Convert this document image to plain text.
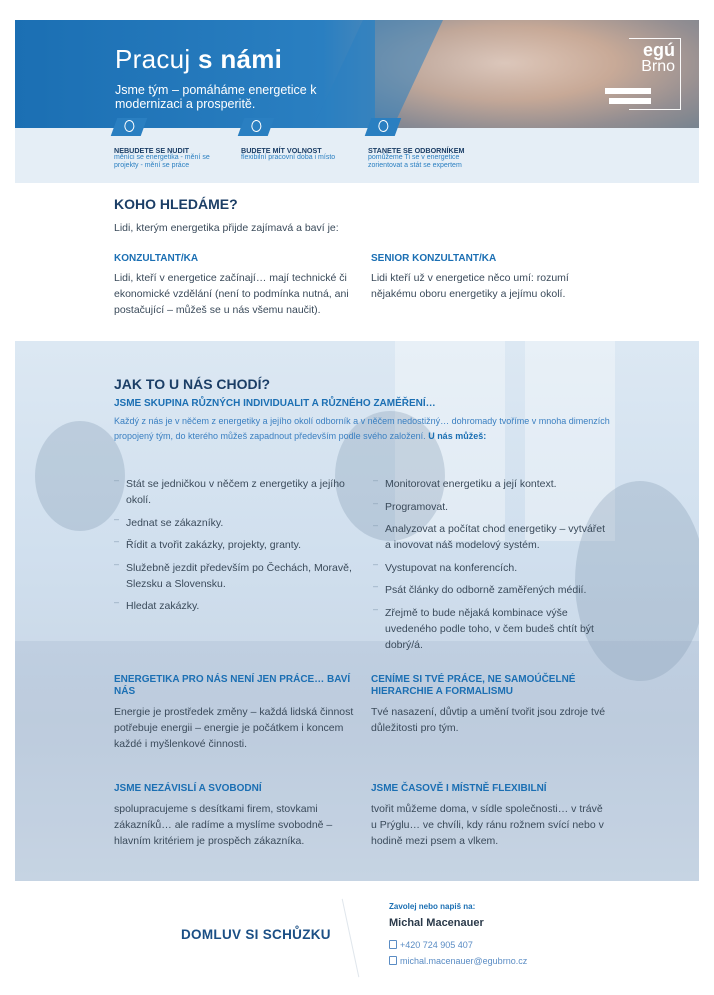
Pracuj s námi
Jsme tým – pomáháme energetice k modernizaci a prosperitě.
egú
Brno
NEBUDETE SE NUDIT
měníci se energetika - mění se projekty - mění se práce
BUDETE MÍT VOLNOST
flexibilní pracovní doba i místo
STANETE SE ODBORNÍKEM
pomůžeme Ti se v energetice zorientovat a stát se expertem
KOHO HLEDÁME?
Lidi, kterým energetika přijde zajímavá a baví je:
KONZULTANT/KA
Lidi, kteří v energetice začínají… mají technické či ekonomické vzdělání (není to podmínka nutná, ani postačující – můžeš se u nás všemu naučit).
SENIOR KONZULTANT/KA
Lidi kteří už v energetice něco umí: rozumí nějakému oboru energetiky a jejímu okolí.
JAK TO U NÁS CHODÍ?
JSME SKUPINA RŮZNÝCH INDIVIDUALIT A RŮZNÉHO ZAMĚŘENÍ…
Každý z nás je v něčem z energetiky a jejího okolí odborník a v něčem nedostižný… dohromady tvoříme v mnoha dimenzích propojený tým, do kterého můžeš zapadnout především podle svého založení. U nás můžeš:
– Stát se jedničkou v něčem z energetiky a jejího okolí.
– Jednat se zákazníky.
– Řídit a tvořit zakázky, projekty, granty.
– Služebně jezdit především po Čechách, Moravě, Slezsku a Slovensku.
– Hledat zakázky.
– Monitorovat energetiku a její kontext.
– Programovat.
– Analyzovat a počítat chod energetiky – vytvářet a inovovat náš modelový systém.
– Vystupovat na konferencích.
– Psát články do odborně zaměřených médií.
– Zřejmě to bude nějaká kombinace výše uvedeného podle toho, v čem budeš chtít být dobrý/á.
ENERGETIKA PRO NÁS NENÍ JEN PRÁCE… BAVÍ NÁS
Energie je prostředek změny – každá lidská činnost potřebuje energii – energie je počátkem i koncem každé i myšlenkové činnosti.
CENÍME SI TVÉ PRÁCE, NE SAMOÚČELNÉ HIERARCHIE A FORMALISMU
Tvé nasazení, důvtip a umění tvořit jsou zdroje tvé důležitosti pro tým.
JSME NEZÁVISLÍ A SVOBODNÍ
spolupracujeme s desítkami firem, stovkami zákazníků… ale radíme a myslíme svobodně – hlavním kritériem je prospěch zákazníka.
JSME ČASOVĚ I MÍSTNĚ FLEXIBILNÍ
tvořit můžeme doma, v sídle společnosti… v trávě u Prýglu… ve chvíli, kdy ránu rožnem svící nebo v hodině mezi psem a vlkem.
DOMLUV SI SCHŮZKU
Zavolej nebo napiš na:
Michal Macenauer
+420 724 905 407
michal.macenauer@egubrno.cz
